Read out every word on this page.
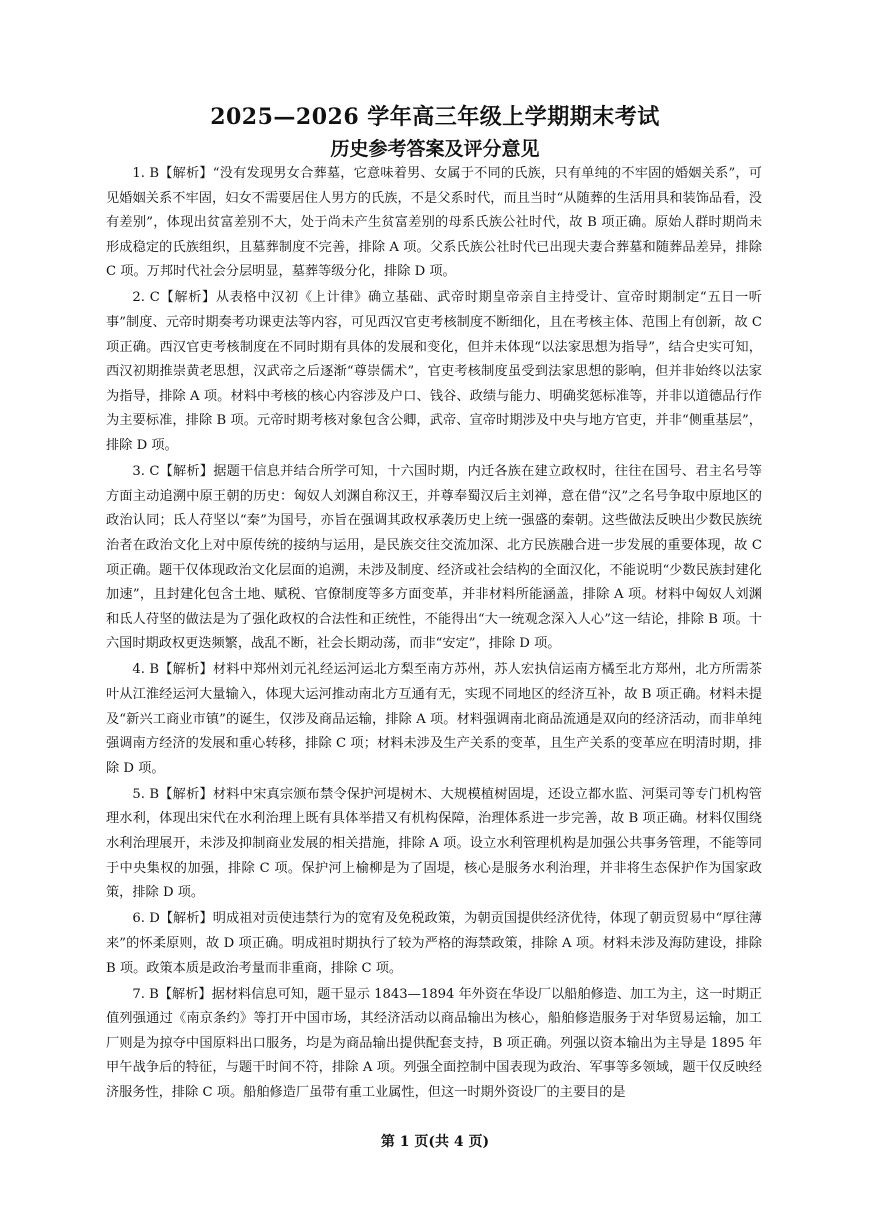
2025—2026 学年高三年级上学期期末考试
历史参考答案及评分意见

1. B【解析】“没有发现男女合葬墓，它意味着男、女属于不同的氏族，只有单纯的不牢固的婚姻关系”，可见婚姻关系不牢固，妇女不需要居住人男方的氏族，不是父系时代，而且当时“从随葬的生活用具和装饰品看，没有差别”，体现出贫富差别不大，处于尚未产生贫富差别的母系氏族公社时代，故 B 项正确。原始人群时期尚未形成稳定的氏族组织，且墓葬制度不完善，排除 A 项。父系氏族公社时代已出现夫妻合葬墓和随葬品差异，排除 C 项。万邦时代社会分层明显，墓葬等级分化，排除 D 项。

2. C【解析】从表格中汉初《上计律》确立基础、武帝时期皇帝亲自主持受计、宣帝时期制定“五日一听事”制度、元帝时期奏考功课吏法等内容，可见西汉官吏考核制度不断细化，且在考核主体、范围上有创新，故 C 项正确。西汉官吏考核制度在不同时期有具体的发展和变化，但并未体现“以法家思想为指导”，结合史实可知，西汉初期推崇黄老思想，汉武帝之后逐渐“尊崇儒术”，官吏考核制度虽受到法家思想的影响，但并非始终以法家为指导，排除 A 项。材料中考核的核心内容涉及户口、钱谷、政绩与能力、明确奖惩标准等，并非以道德品行作为主要标准，排除 B 项。元帝时期考核对象包含公卿，武帝、宣帝时期涉及中央与地方官吏，并非“侧重基层”，排除 D 项。

3. C【解析】据题干信息并结合所学可知，十六国时期，内迁各族在建立政权时，往往在国号、君主名号等方面主动追溯中原王朝的历史：匈奴人刘渊自称汉王，并尊奉蜀汉后主刘禅，意在借“汉”之名号争取中原地区的政治认同；氐人苻坚以“秦”为国号，亦旨在强调其政权承袭历史上统一强盛的秦朝。这些做法反映出少数民族统治者在政治文化上对中原传统的接纳与运用，是民族交往交流加深、北方民族融合进一步发展的重要体现，故 C 项正确。题干仅体现政治文化层面的追溯，未涉及制度、经济或社会结构的全面汉化，不能说明“少数民族封建化加速”，且封建化包含土地、赋税、官僚制度等多方面变革，并非材料所能涵盖，排除 A 项。材料中匈奴人刘渊和氐人苻坚的做法是为了强化政权的合法性和正统性，不能得出“大一统观念深入人心”这一结论，排除 B 项。十六国时期政权更迭频繁，战乱不断，社会长期动荡，而非“安定”，排除 D 项。

4. B【解析】材料中郑州刘元礼经运河运北方梨至南方苏州，苏人宏执信运南方橘至北方郑州，北方所需茶叶从江淮经运河大量输入，体现大运河推动南北方互通有无，实现不同地区的经济互补，故 B 项正确。材料未提及“新兴工商业市镇”的诞生，仅涉及商品运输，排除 A 项。材料强调南北商品流通是双向的经济活动，而非单纯强调南方经济的发展和重心转移，排除 C 项；材料未涉及生产关系的变革，且生产关系的变革应在明清时期，排除 D 项。

5. B【解析】材料中宋真宗颁布禁令保护河堤树木、大规模植树固堤，还设立都水监、河渠司等专门机构管理水利，体现出宋代在水利治理上既有具体举措又有机构保障，治理体系进一步完善，故 B 项正确。材料仅围绕水利治理展开，未涉及抑制商业发展的相关措施，排除 A 项。设立水利管理机构是加强公共事务管理，不能等同于中央集权的加强，排除 C 项。保护河上榆柳是为了固堤，核心是服务水利治理，并非将生态保护作为国家政策，排除 D 项。

6. D【解析】明成祖对贡使违禁行为的宽宥及免税政策，为朝贡国提供经济优待，体现了朝贡贸易中“厚往薄来”的怀柔原则，故 D 项正确。明成祖时期执行了较为严格的海禁政策，排除 A 项。材料未涉及海防建设，排除 B 项。政策本质是政治考量而非重商，排除 C 项。

7. B【解析】据材料信息可知，题干显示 1843—1894 年外资在华设厂以船舶修造、加工为主，这一时期正值列强通过《南京条约》等打开中国市场，其经济活动以商品输出为核心，船舶修造服务于对华贸易运输，加工厂则是为掠夺中国原料出口服务，均是为商品输出提供配套支持，B 项正确。列强以资本输出为主导是 1895 年甲午战争后的特征，与题干时间不符，排除 A 项。列强全面控制中国表现为政治、军事等多领域，题干仅反映经济服务性，排除 C 项。船舶修造厂虽带有重工业属性，但这一时期外资设厂的主要目的是

第 1 页(共 4 页)
